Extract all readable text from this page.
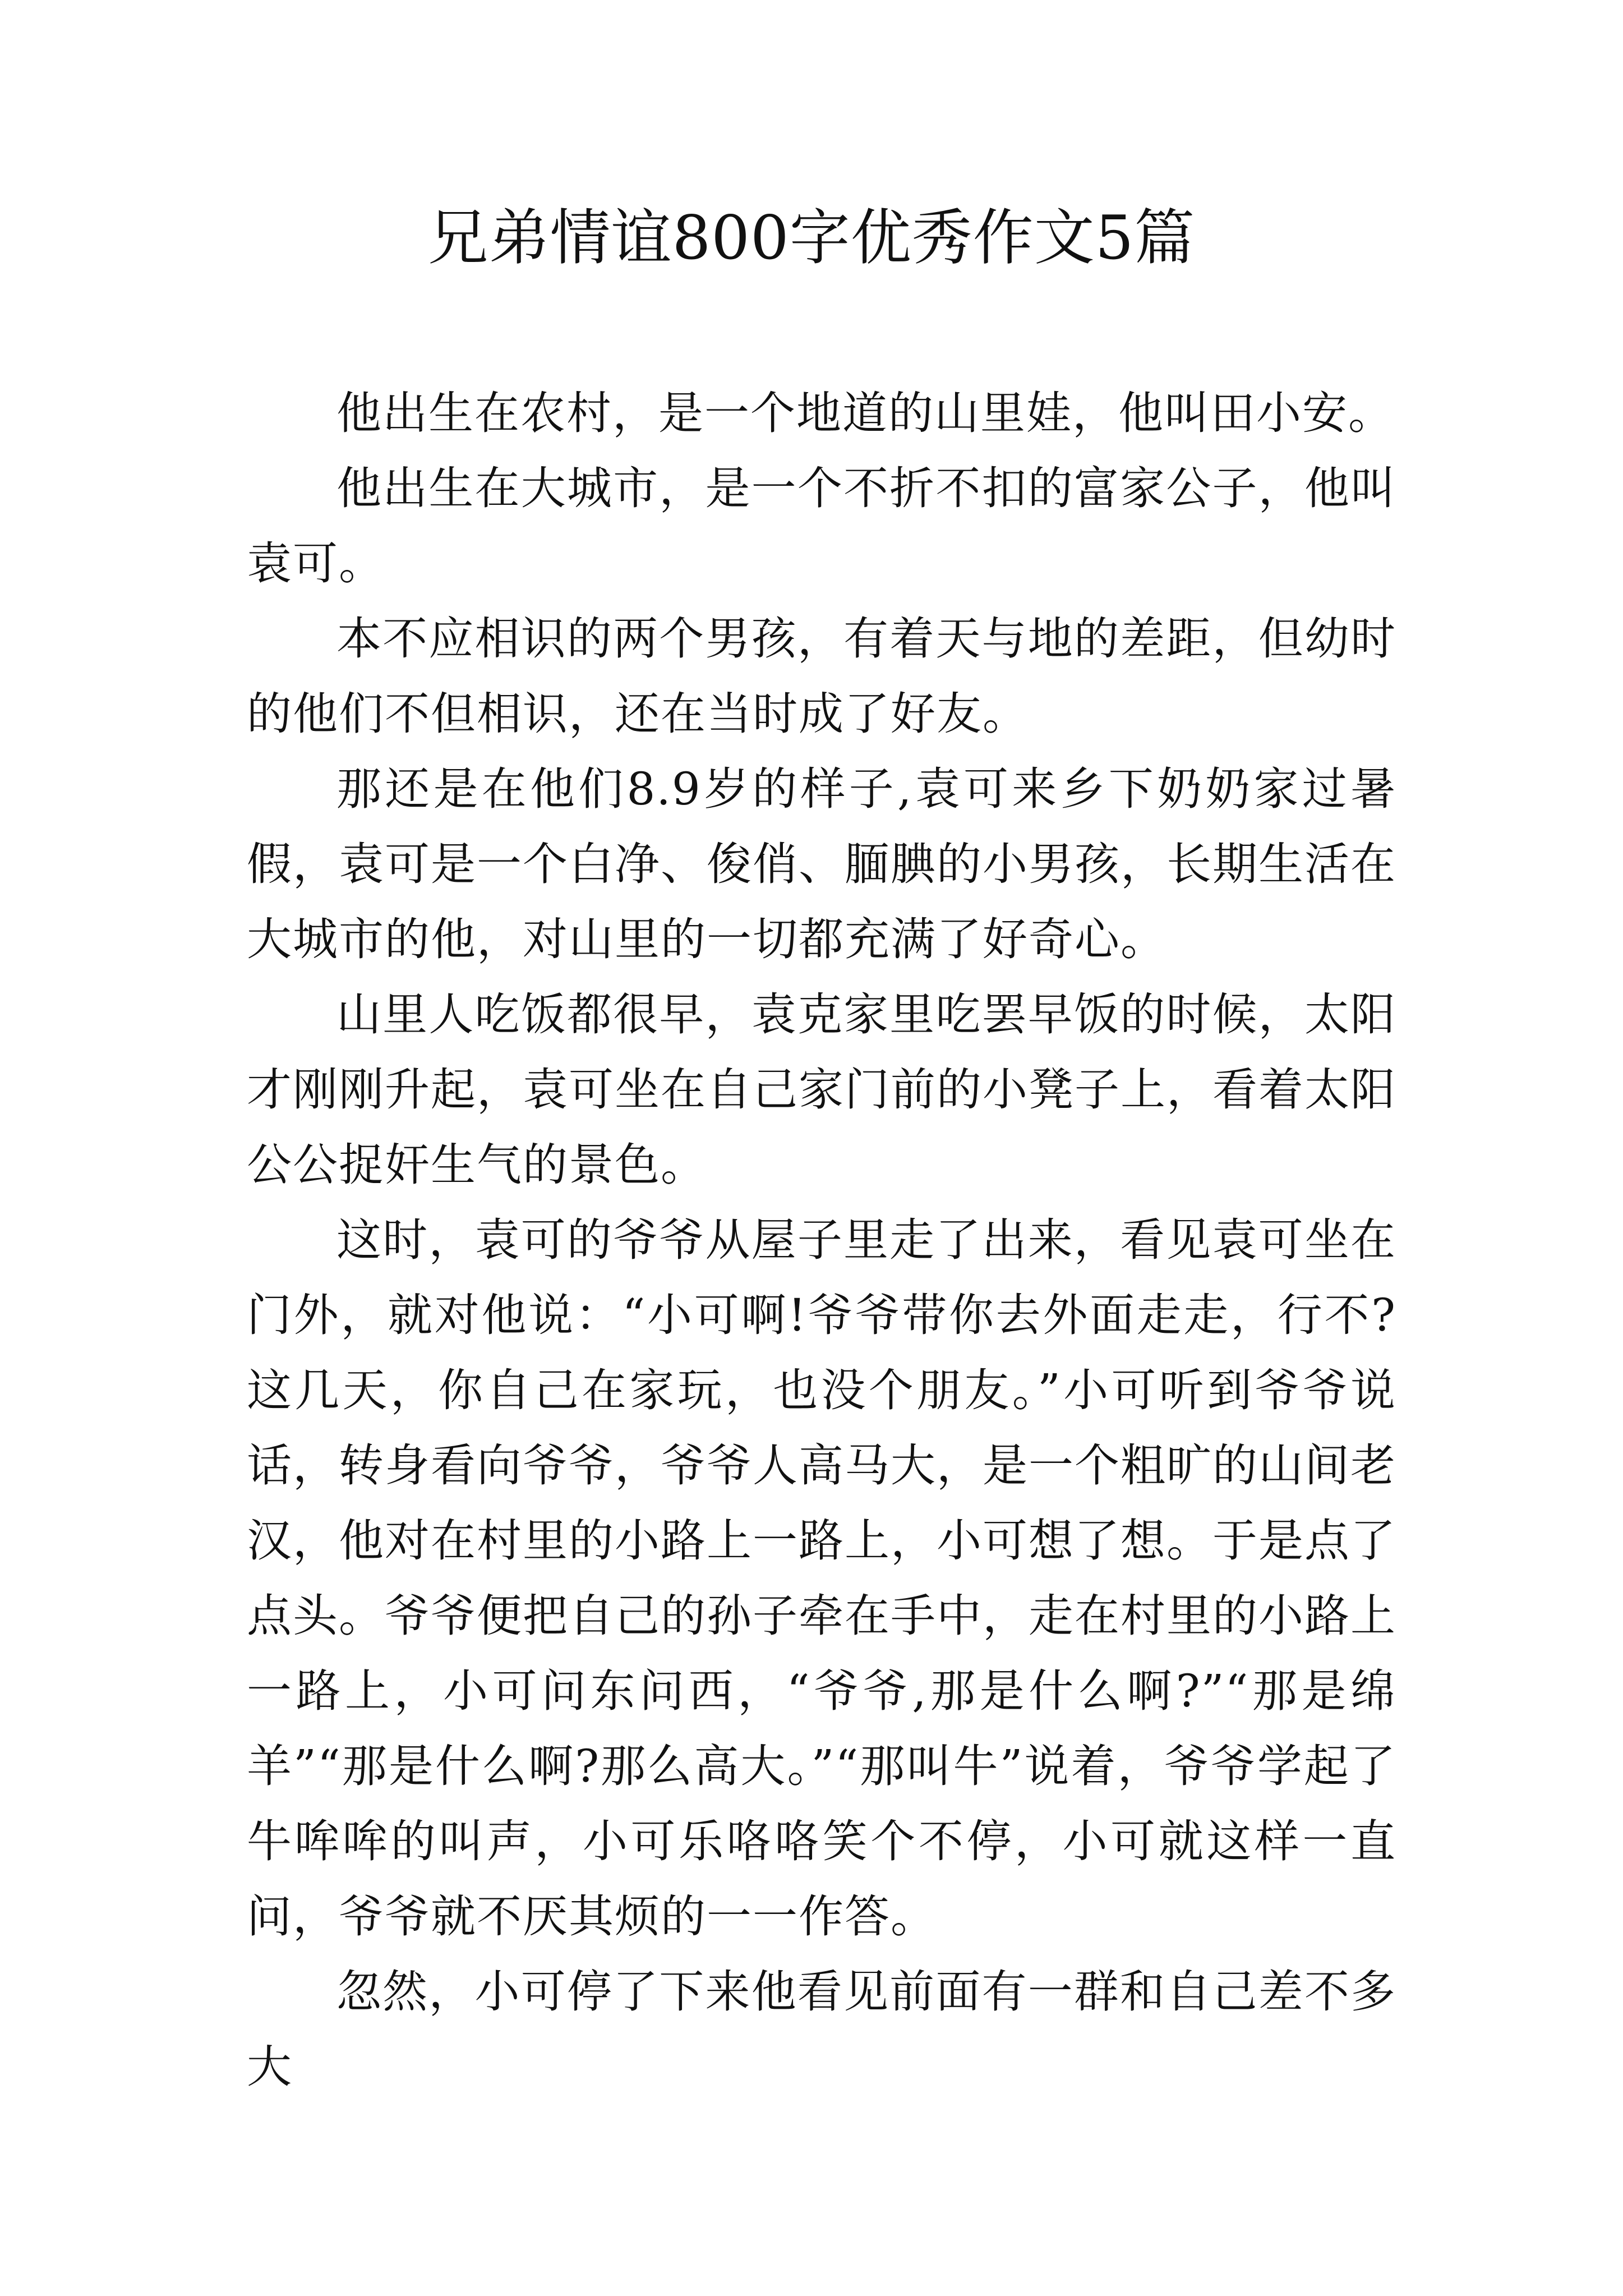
兄弟情谊800字优秀作文5篇

他出生在农村，是一个地道的山里娃，他叫田小安。

他出生在大城市，是一个不折不扣的富家公子，他叫袁可。

本不应相识的两个男孩，有着天与地的差距，但幼时的他们不但相识，还在当时成了好友。

那还是在他们8.9岁的样子,袁可来乡下奶奶家过暑假，袁可是一个白净、俊俏、腼腆的小男孩，长期生活在大城市的他，对山里的一切都充满了好奇心。

山里人吃饭都很早，袁克家里吃罢早饭的时候，太阳才刚刚升起，袁可坐在自己家门前的小凳子上，看着太阳公公捉奸生气的景色。

这时，袁可的爷爷从屋子里走了出来，看见袁可坐在门外，就对他说：“小可啊!爷爷带你去外面走走，行不?这几天，你自己在家玩，也没个朋友。”小可听到爷爷说话，转身看向爷爷，爷爷人高马大，是一个粗旷的山间老汉，他对在村里的小路上一路上，小可想了想。于是点了点头。爷爷便把自己的孙子牵在手中，走在村里的小路上一路上，小可问东问西，“爷爷,那是什么啊?”“那是绵羊”“那是什么啊?那么高大。”“那叫牛”说着，爷爷学起了牛哞哞的叫声，小可乐咯咯笑个不停，小可就这样一直问，爷爷就不厌其烦的一一作答。

忽然，小可停了下来他看见前面有一群和自己差不多大
